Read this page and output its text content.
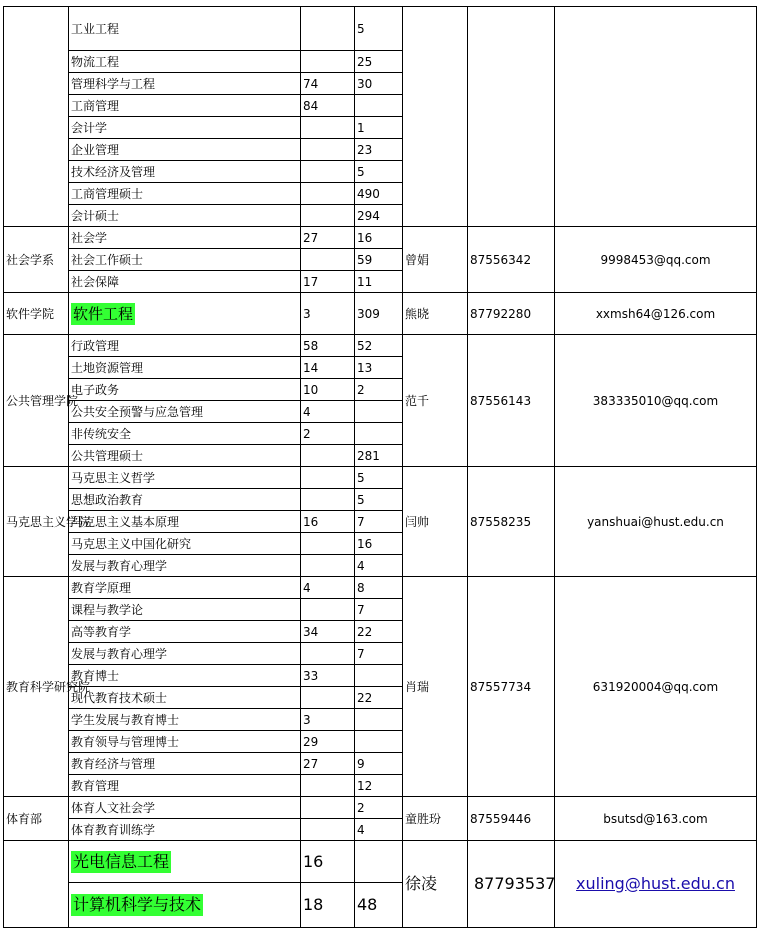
	工业工程		5			
	物流工程		25			
	管理科学与工程	74	30			
	工商管理	84				
	会计学		1			
	企业管理		23			
	技术经济及管理		5			
	工商管理硕士		490			
	会计硕士		294			
社会学系	社会学	27	16	曾娟	87556342	9998453@qq.com
	社会工作硕士		59			
	社会保障	17	11			
软件学院	软件工程	3	309	熊晓	87792280	xxmsh64@126.com
公共管理学院	行政管理	58	52	范千	87556143	383335010@qq.com
	土地资源管理	14	13			
	电子政务	10	2			
	公共安全预警与应急管理	4				
	非传统安全	2				
	公共管理硕士		281			
马克思主义学院	马克思主义哲学		5	闫帅	87558235	yanshuai@hust.edu.cn
	思想政治教育		5			
	马克思主义基本原理	16	7			
	马克思主义中国化研究		16			
	发展与教育心理学		4			
教育科学研究院	教育学原理	4	8	肖瑞	87557734	631920004@qq.com
	课程与教学论		7			
	高等教育学	34	22			
	发展与教育心理学		7			
	教育博士	33				
	现代教育技术硕士		22			
	学生发展与教育博士	3				
	教育领导与管理博士	29				
	教育经济与管理	27	9			
	教育管理		12			
体育部	体育人文社会学		2	童胜玢	87559446	bsutsd@163.com
	体育教育训练学		4			
	光电信息工程	16		徐凌	87793537	xuling@hust.edu.cn
	计算机科学与技术	18	48			
